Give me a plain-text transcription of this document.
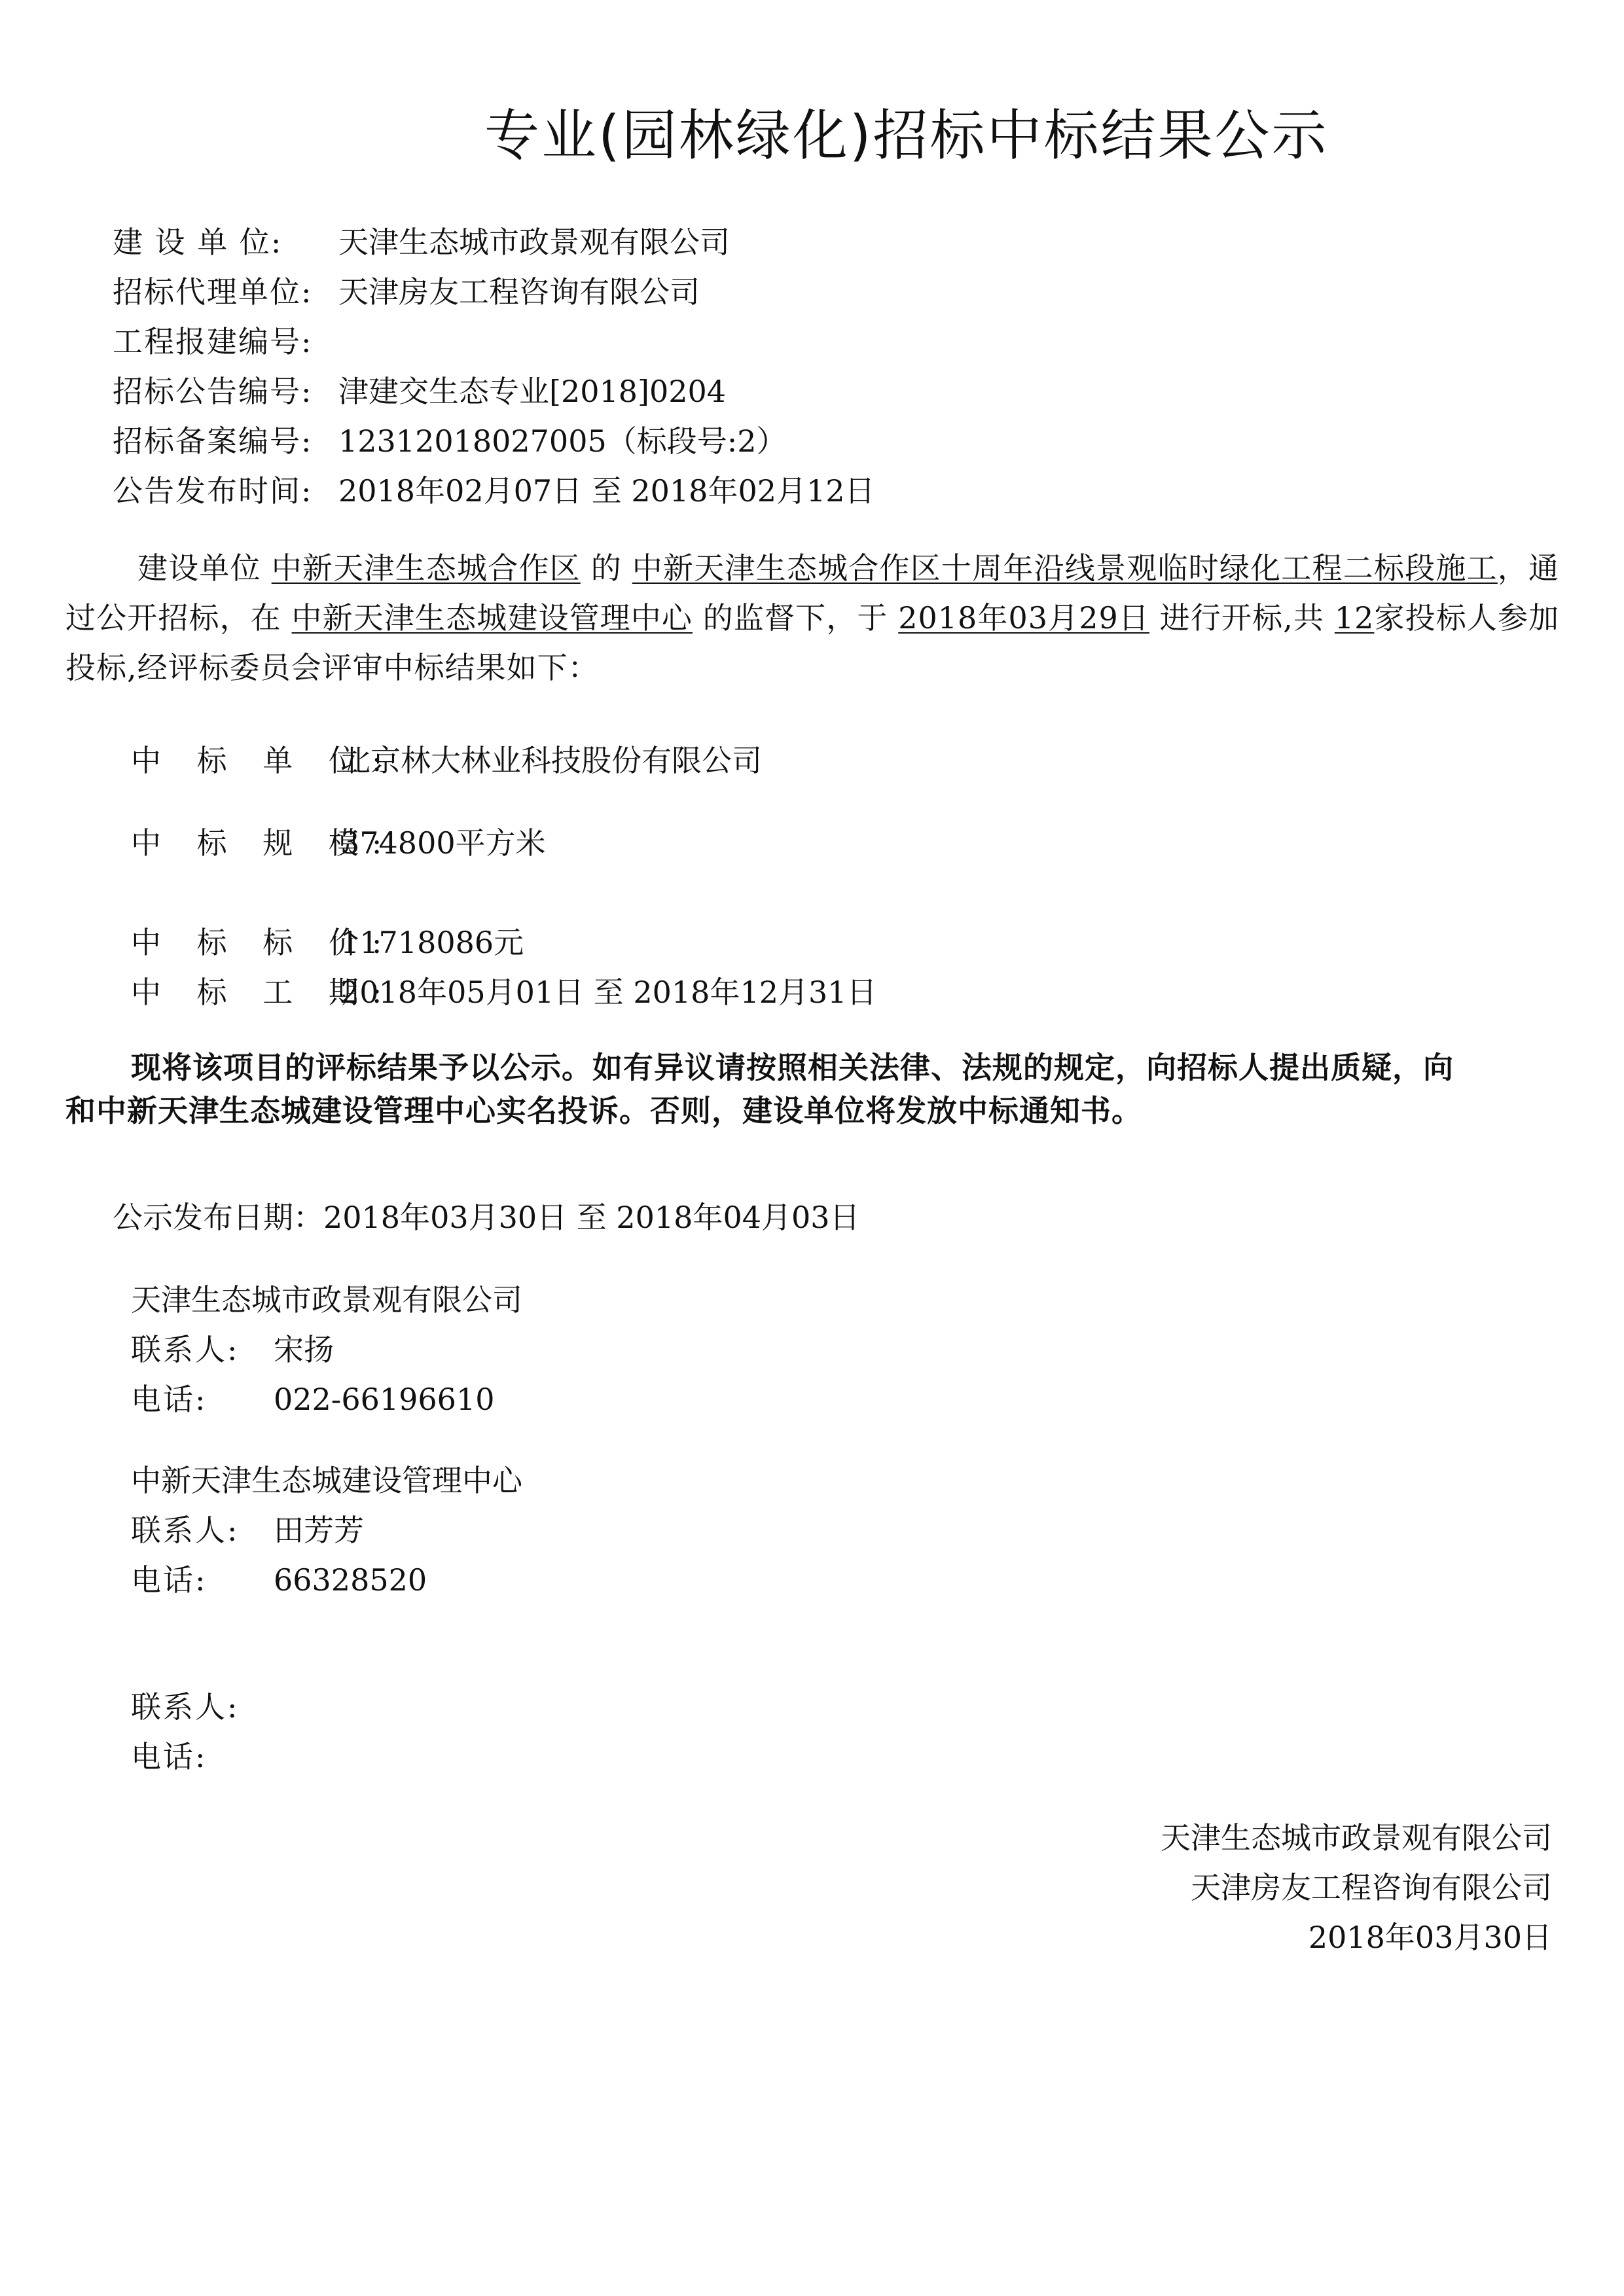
专业(园林绿化)招标中标结果公示
建 设 单 位: 天津生态城市政景观有限公司
招标代理单位: 天津房友工程咨询有限公司
工程报建编号:
招标公告编号: 津建交生态专业[2018]0204
招标备案编号: 12312018027005（标段号:2）
公告发布时间: 2018年02月07日 至 2018年02月12日
建设单位 中新天津生态城合作区 的 中新天津生态城合作区十周年沿线景观临时绿化工程二标段施工，通过公开招标，在 中新天津生态城建设管理中心 的监督下，于 2018年03月29日 进行开标,共 12家投标人参加投标,经评标委员会评审中标结果如下：
中 标 单 位:北京林大林业科技股份有限公司
中 标 规 模:374800平方米
中 标 标 价:11718086元
中 标 工 期:2018年05月01日 至 2018年12月31日
现将该项目的评标结果予以公示。如有异议请按照相关法律、法规的规定，向招标人提出质疑，向和中新天津生态城建设管理中心实名投诉。否则，建设单位将发放中标通知书。
公示发布日期：2018年03月30日 至 2018年04月03日
天津生态城市政景观有限公司
联系人: 宋扬
电话: 022-66196610
中新天津生态城建设管理中心
联系人: 田芳芳
电话: 66328520
联系人:
电话:
天津生态城市政景观有限公司
天津房友工程咨询有限公司
2018年03月30日
